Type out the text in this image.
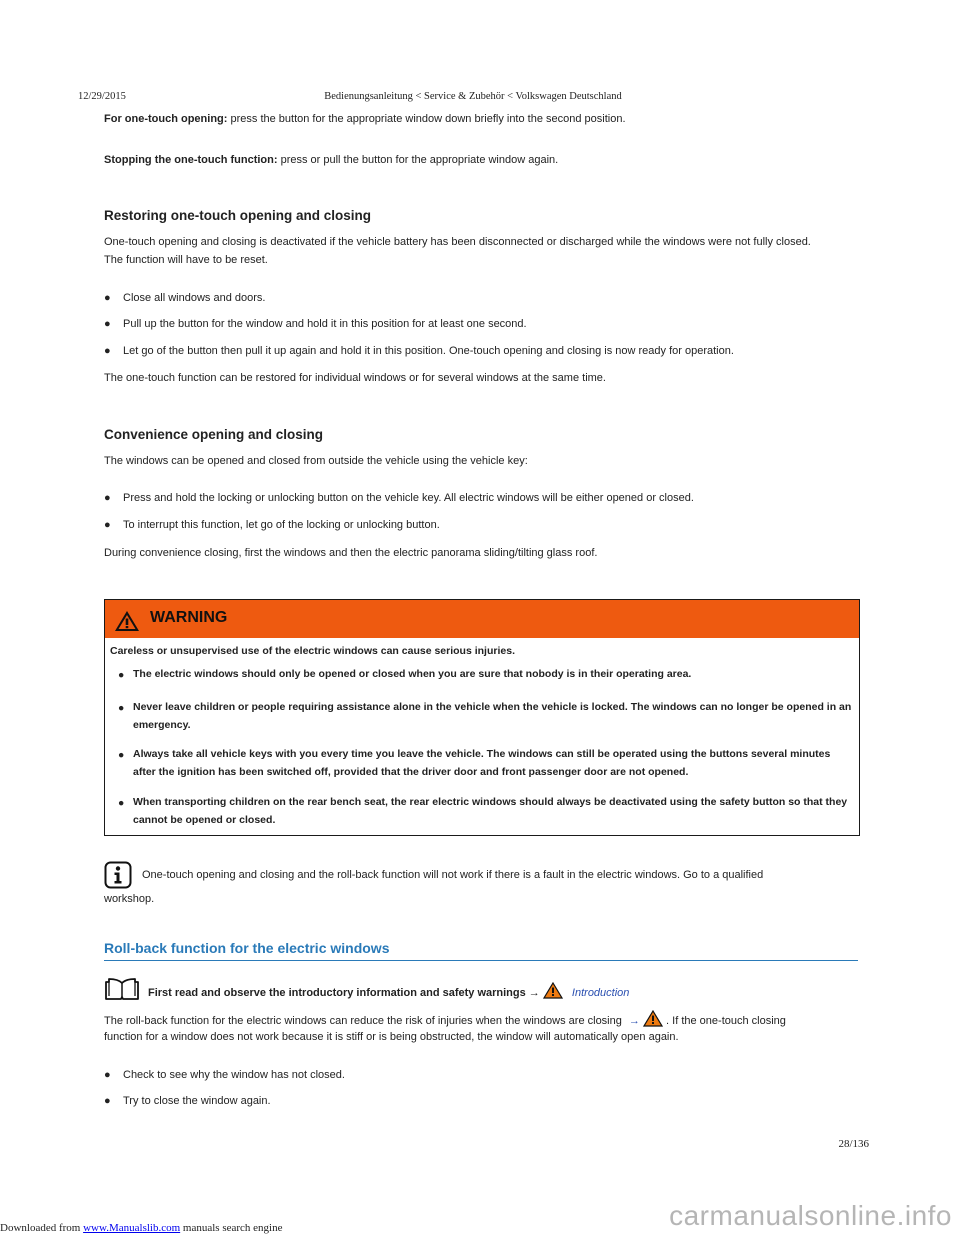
12/29/2015	Bedienungsanleitung < Service & Zubehör < Volkswagen Deutschland
For one-touch opening: press the button for the appropriate window down briefly into the second position.
Stopping the one-touch function: press or pull the button for the appropriate window again.
Restoring one-touch opening and closing
One-touch opening and closing is deactivated if the vehicle battery has been disconnected or discharged while the windows were not fully closed.
The function will have to be reset.
● Close all windows and doors.
● Pull up the button for the window and hold it in this position for at least one second.
● Let go of the button then pull it up again and hold it in this position. One-touch opening and closing is now ready for operation.
The one-touch function can be restored for individual windows or for several windows at the same time.
Convenience opening and closing
The windows can be opened and closed from outside the vehicle using the vehicle key:
● Press and hold the locking or unlocking button on the vehicle key. All electric windows will be either opened or closed.
● To interrupt this function, let go of the locking or unlocking button.
During convenience closing, first the windows and then the electric panorama sliding/tilting glass roof.
WARNING
Careless or unsupervised use of the electric windows can cause serious injuries.
● The electric windows should only be opened or closed when you are sure that nobody is in their operating area.
● Never leave children or people requiring assistance alone in the vehicle when the vehicle is locked. The windows can no longer be opened in an emergency.
● Always take all vehicle keys with you every time you leave the vehicle. The windows can still be operated using the buttons several minutes after the ignition has been switched off, provided that the driver door and front passenger door are not opened.
● When transporting children on the rear bench seat, the rear electric windows should always be deactivated using the safety button so that they cannot be opened or closed.
One-touch opening and closing and the roll-back function will not work if there is a fault in the electric windows. Go to a qualified
workshop.
Roll-back function for the electric windows
First read and observe the introductory information and safety warnings →	Introduction
The roll-back function for the electric windows can reduce the risk of injuries when the windows are closing → . If the one-touch closing
function for a window does not work because it is stiff or is being obstructed, the window will automatically open again.
● Check to see why the window has not closed.
● Try to close the window again.
28/136
carmanualsonline.info
Downloaded from www.Manualslib.com manuals search engine
